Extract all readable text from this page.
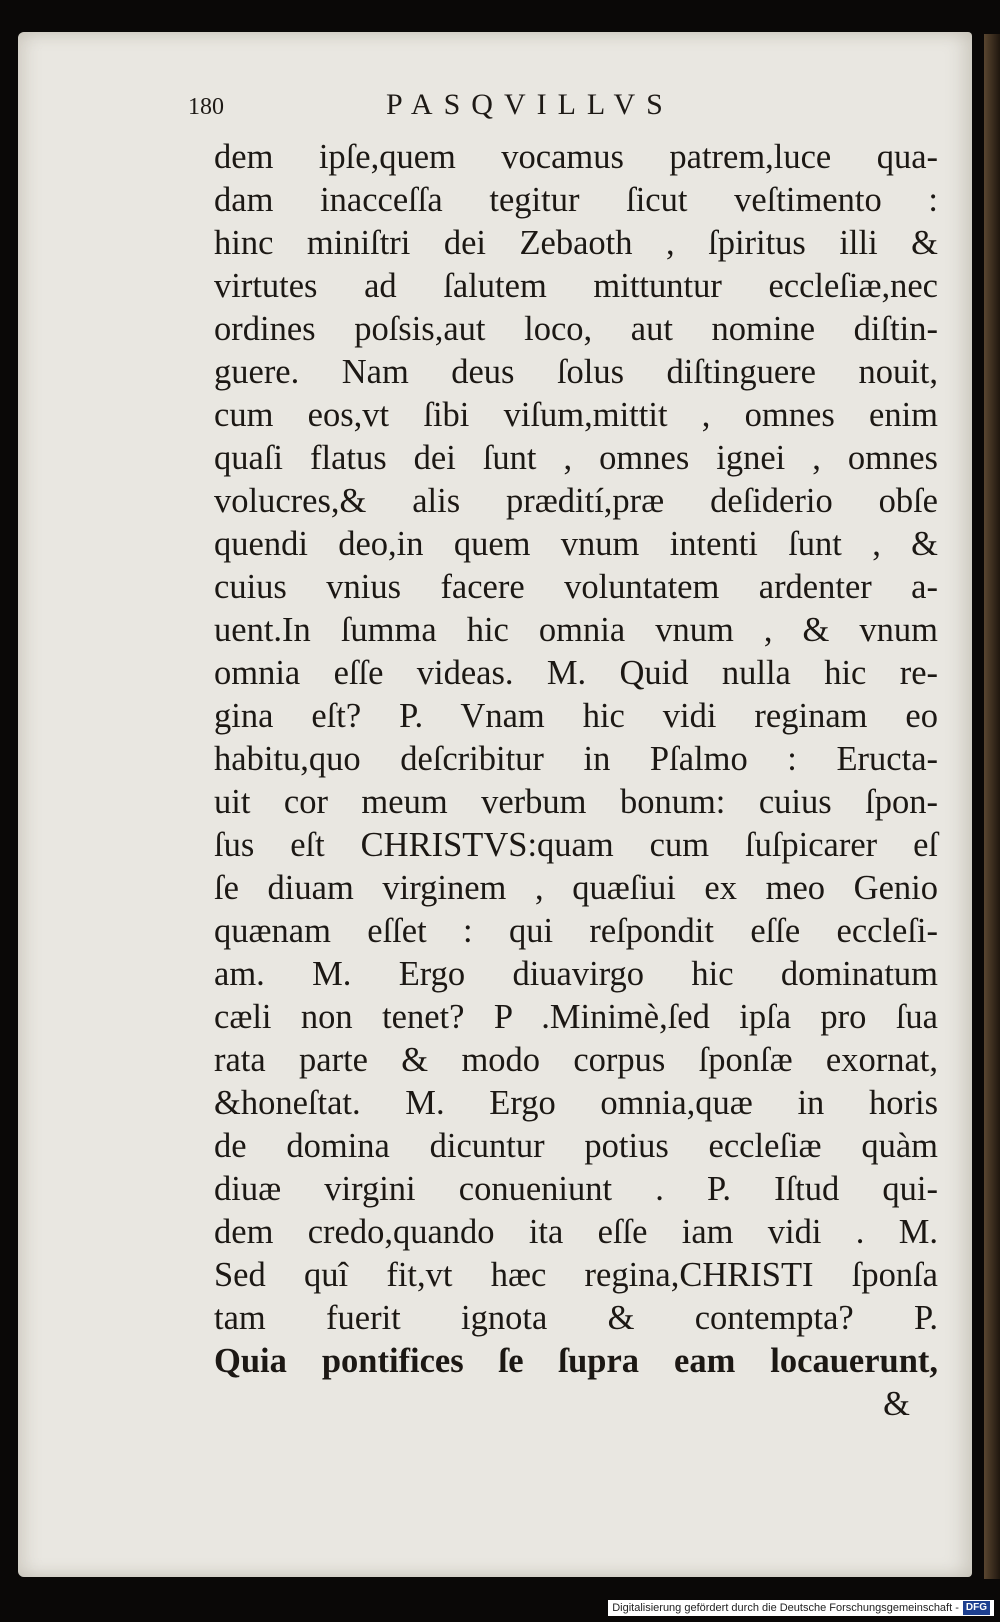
180	PASQVILLVS
dem ipſe,quem vocamus patrem,luce qua-
dam inacceſſa tegitur ſicut veſtimento :
hinc miniſtri dei Zebaoth , ſpiritus illi &
virtutes ad ſalutem mittuntur eccleſiæ,nec
ordines poſsis,aut loco, aut nomine diſtin-
guere. Nam deus ſolus diſtinguere nouit,
cum eos,vt ſibi viſum,mittit , omnes enim
quaſi flatus dei ſunt , omnes ignei , omnes
volucres,& alis prædití,præ deſiderio obſe
quendi deo,in quem vnum intenti ſunt , &
cuius vnius facere voluntatem ardenter a-
uent.In ſumma hic omnia vnum , & vnum
omnia eſſe videas. M. Quid nulla hic re-
gina eſt? P. Vnam hic vidi reginam eo
habitu,quo deſcribitur in Pſalmo : Eructa-
uit cor meum verbum bonum: cuius ſpon-
ſus eſt CHRISTVS:quam cum ſuſpicarer eſ
ſe diuam virginem , quæſiui ex meo Genio
quænam eſſet : qui reſpondit eſſe eccleſi-
am. M. Ergo diuavirgo hic dominatum
cæli non tenet? P .Minimè,ſed ipſa pro ſua
rata parte & modo corpus ſponſæ exornat,
&honeſtat. M. Ergo omnia,quæ in horis
de domina dicuntur potius eccleſiæ quàm
diuæ virgini conueniunt . P. Iſtud qui-
dem credo,quando ita eſſe iam vidi . M.
Sed quî fit,vt hæc regina,CHRISTI ſponſa
tam fuerit ignota & contempta? P.
Quia pontifices ſe ſupra eam locauerunt,
&
Digitalisierung gefördert durch die Deutsche Forschungsgemeinschaft - DFG
